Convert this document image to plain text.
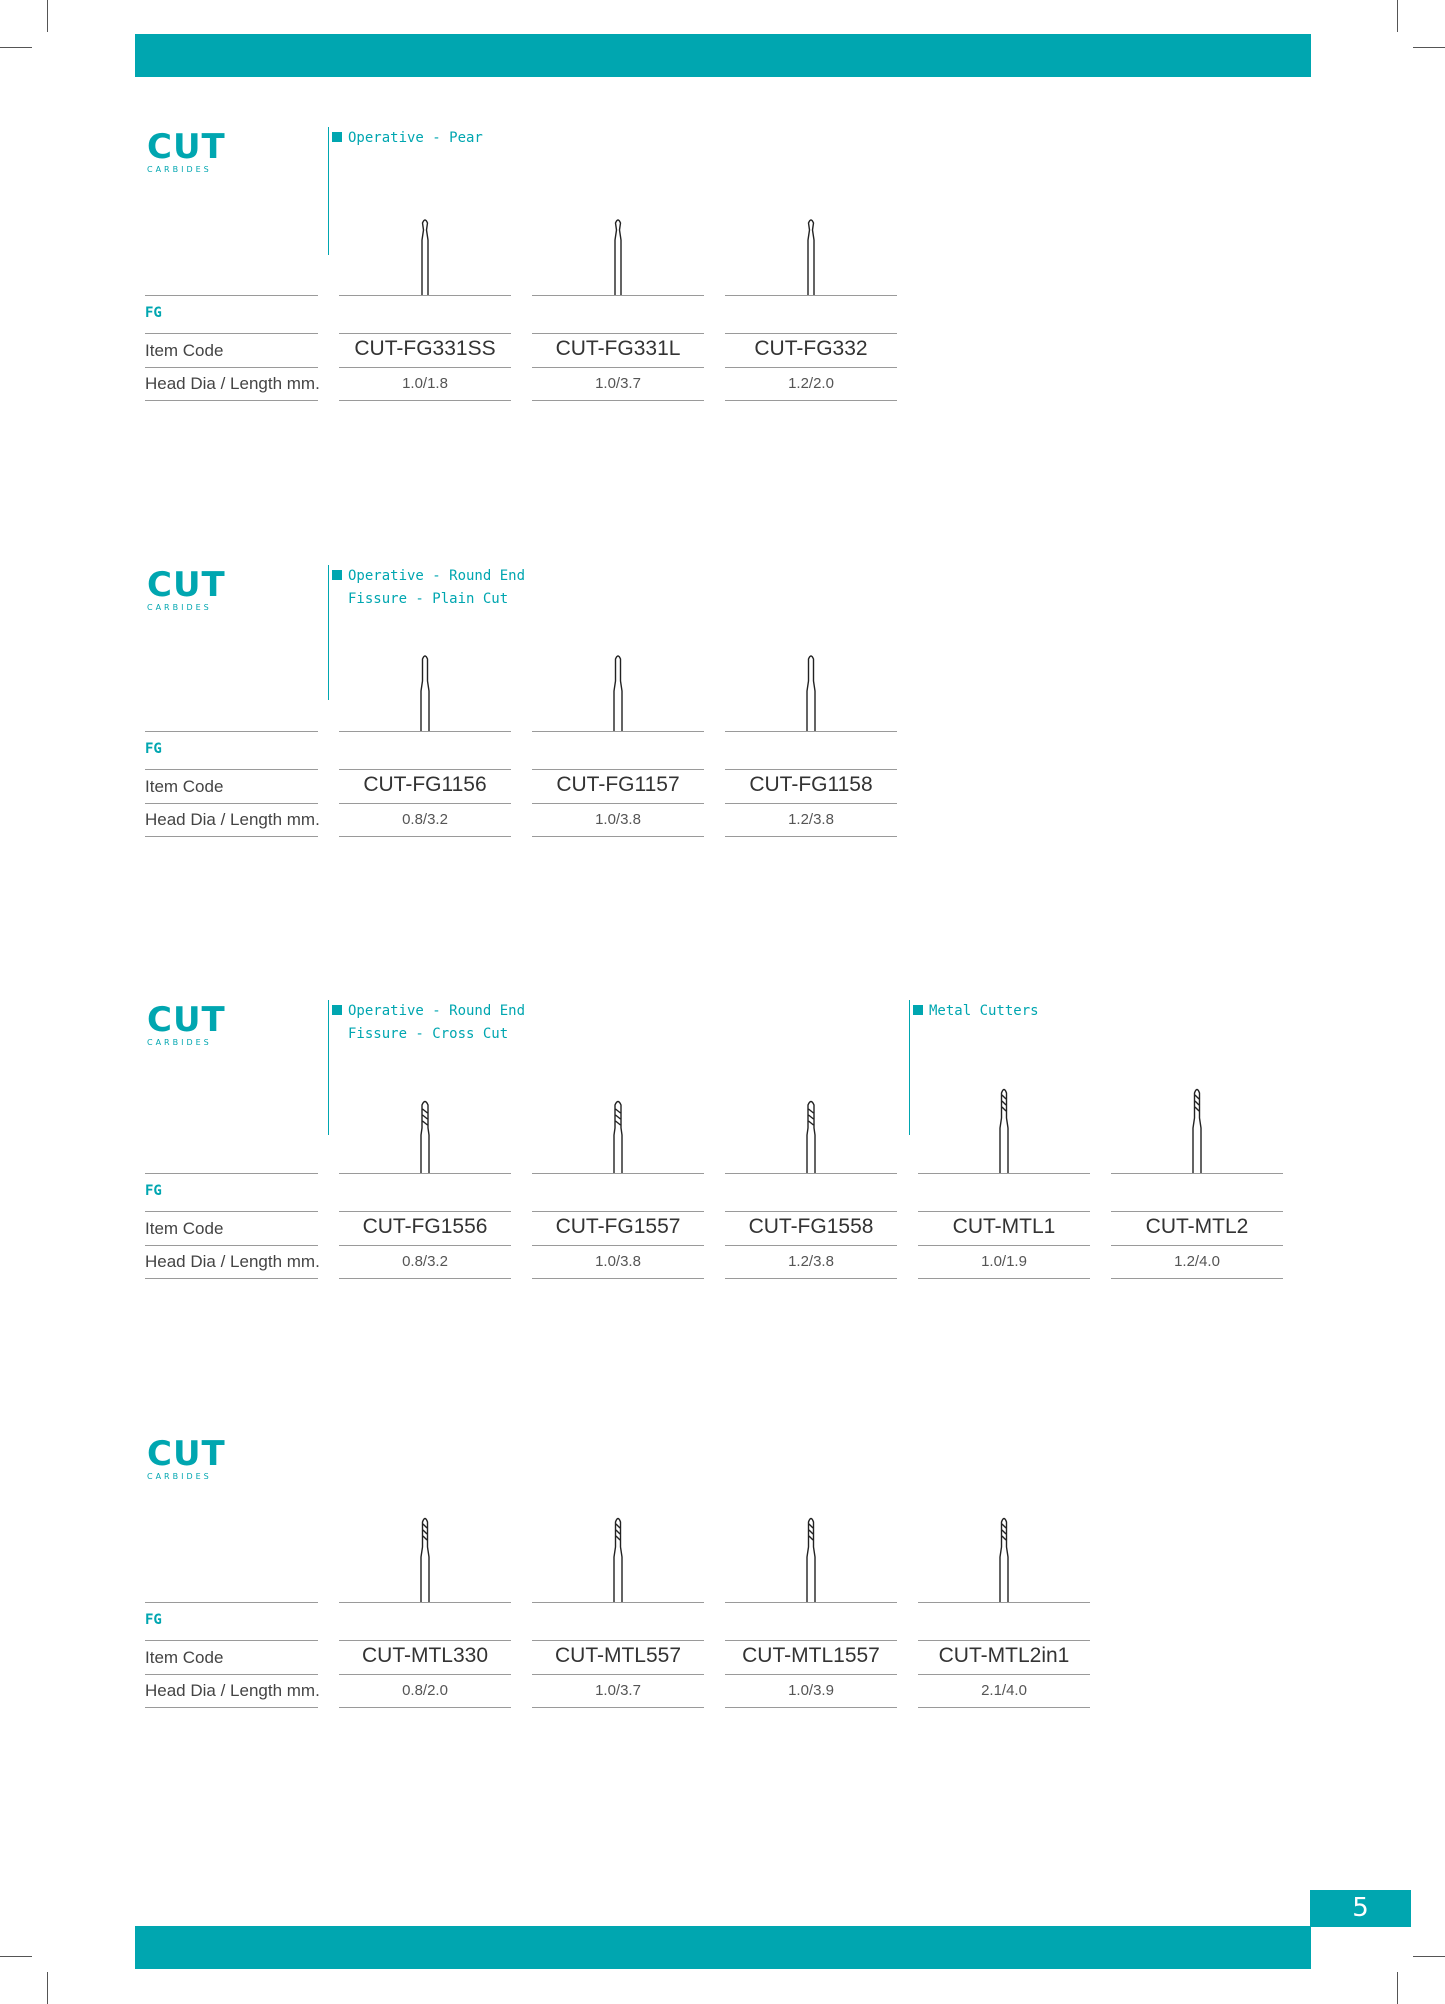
5
CUT
CARBIDES
Operative - Pear
FG
Item Code
Head Dia / Length mm.
CUT-FG331SS
1.0/1.8
CUT-FG331L
1.0/3.7
CUT-FG332
1.2/2.0
CUT
CARBIDES
Operative - Round End
Fissure - Plain Cut
FG
Item Code
Head Dia / Length mm.
CUT-FG1156
0.8/3.2
CUT-FG1157
1.0/3.8
CUT-FG1158
1.2/3.8
CUT
CARBIDES
Operative - Round End
Fissure - Cross Cut
Metal Cutters
FG
Item Code
Head Dia / Length mm.
CUT-FG1556
0.8/3.2
CUT-FG1557
1.0/3.8
CUT-FG1558
1.2/3.8
CUT-MTL1
1.0/1.9
CUT-MTL2
1.2/4.0
CUT
CARBIDES
FG
Item Code
Head Dia / Length mm.
CUT-MTL330
0.8/2.0
CUT-MTL557
1.0/3.7
CUT-MTL1557
1.0/3.9
CUT-MTL2in1
2.1/4.0
